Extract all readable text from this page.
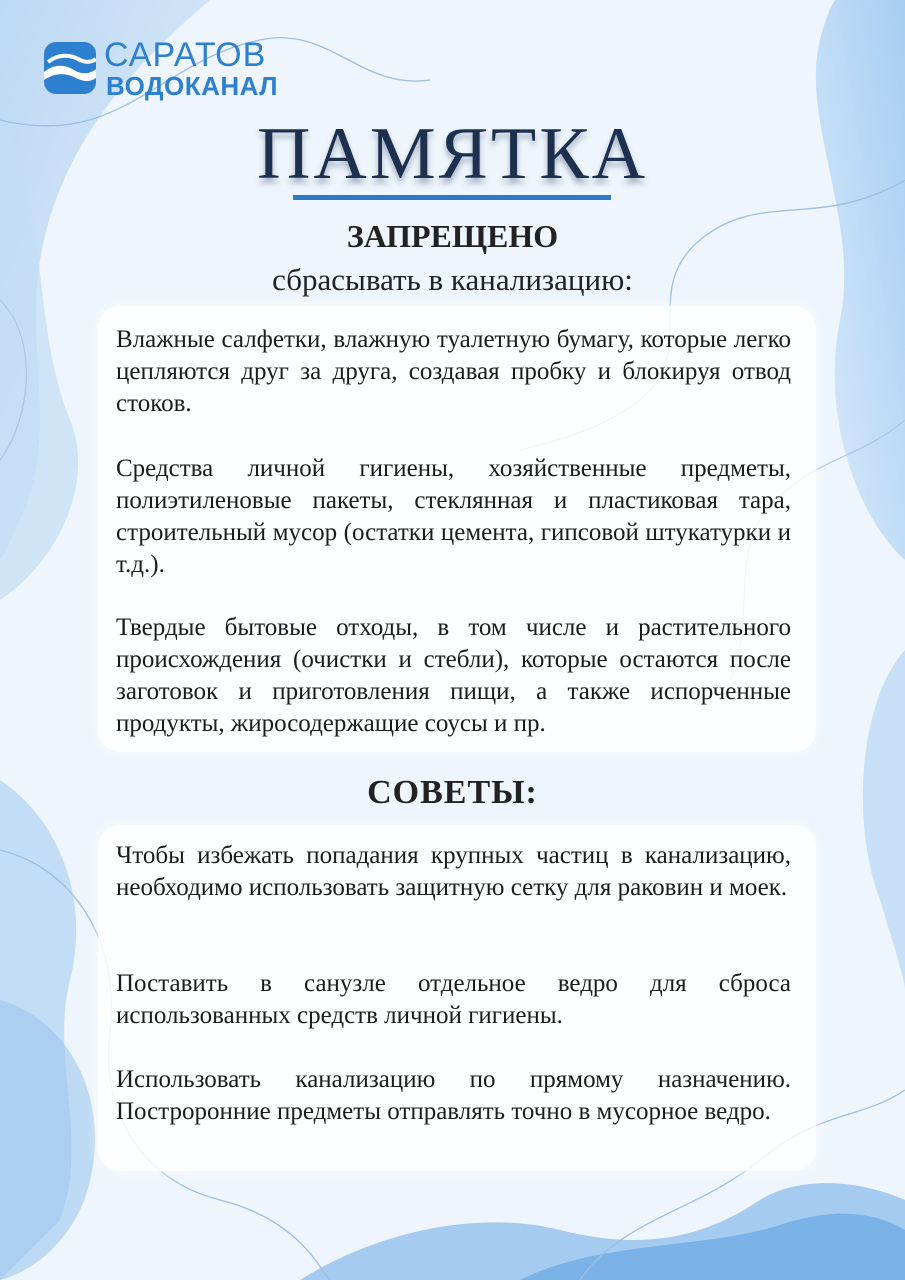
САРАТОВ
ВОДОКАНАЛ
ПАМЯТКА
ЗАПРЕЩЕНО
сбрасывать в канализацию:
Влажные салфетки, влажную туалетную бумагу, которые легко цепляются друг за друга, создавая пробку и блокируя отвод стоков.
Средства личной гигиены, хозяйственные предметы, полиэтиленовые пакеты, стеклянная и пластиковая тара, строительный мусор (остатки цемента, гипсовой штукатурки и т.д.).
Твердые бытовые отходы, в том числе и растительного происхождения (очистки и стебли), которые остаются после заготовок и приготовления пищи, а также испорченные продукты, жиросодержащие соусы и пр.
СОВЕТЫ:
Чтобы избежать попадания крупных частиц в канализацию, необходимо использовать защитную сетку для раковин и моек.
Поставить в санузле отдельное ведро для сброса использованных средств личной гигиены.
Использовать канализацию по прямому назначению. Построронние предметы отправлять точно в мусорное ведро.
